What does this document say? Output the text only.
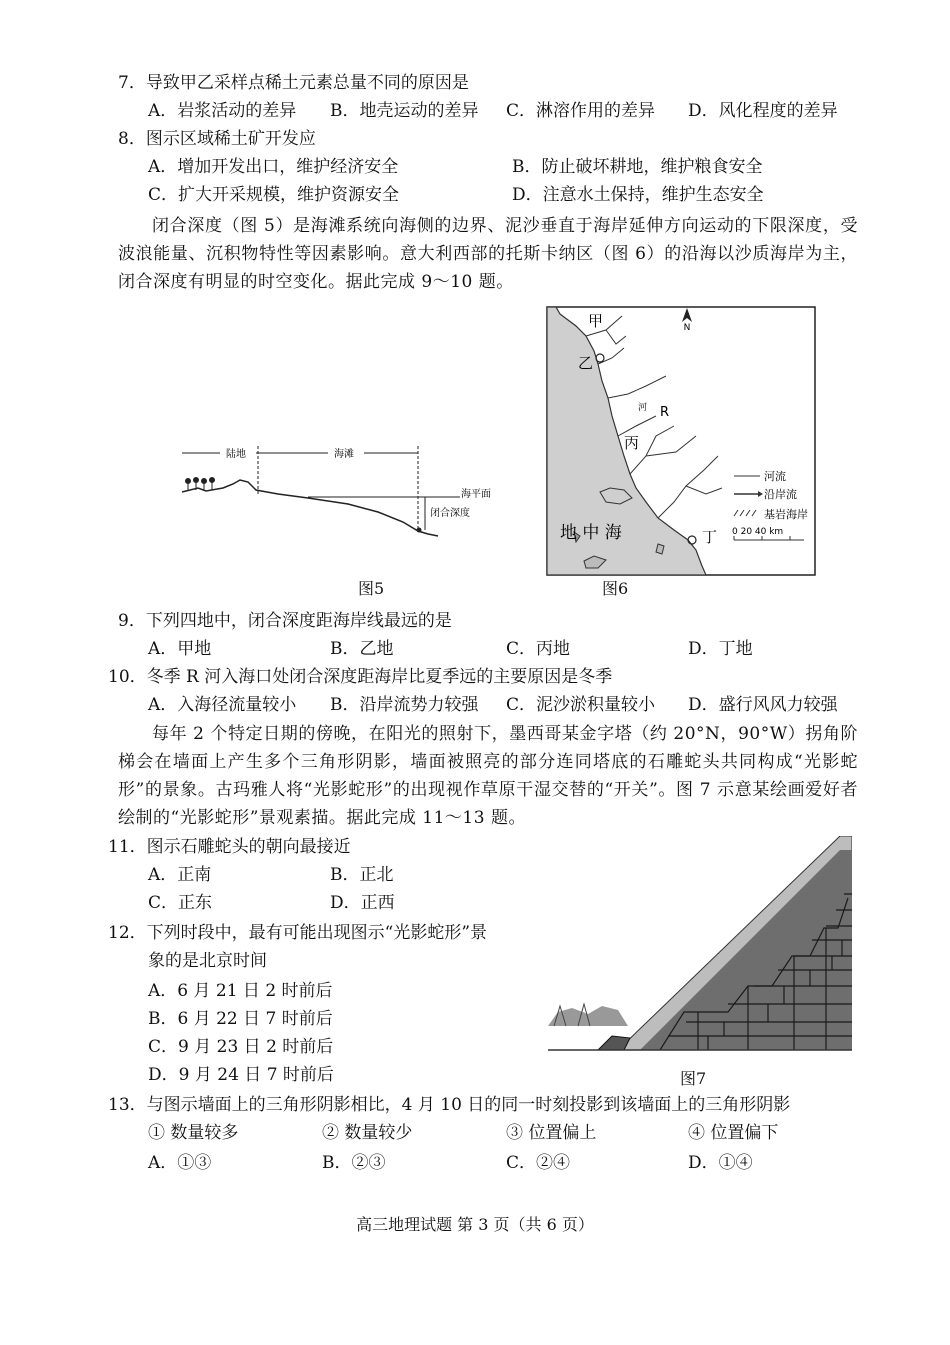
7．导致甲乙采样点稀土元素总量不同的原因是
A．岩浆活动的差异 B．地壳运动的差异 C．淋溶作用的差异 D．风化程度的差异
8．图示区域稀土矿开发应
A．增加开发出口，维护经济安全	B．防止破坏耕地，维护粮食安全
C．扩大开采规模，维护资源安全	D．注意水土保持，维护生态安全
闭合深度（图 5）是海滩系统向海侧的边界、泥沙垂直于海岸延伸方向运动的下限深度，受波浪能量、沉积物特性等因素影响。意大利西部的托斯卡纳区（图 6）的沿海以沙质海岸为主，闭合深度有明显的时空变化。据此完成 9～10 题。
陆地	海滩
海平面
闭合深度
图5
N
甲
乙
丙
丁
河 R
地 中 海
河流
沿岸流
基岩海岸
0 20 40 km
图6
9．下列四地中，闭合深度距海岸线最远的是
A．甲地	B．乙地	C．丙地	D．丁地
10．冬季 R 河入海口处闭合深度距海岸比夏季远的主要原因是冬季
A．入海径流量较小 B．沿岸流势力较强 C．泥沙淤积量较小 D．盛行风风力较强
每年 2 个特定日期的傍晚，在阳光的照射下，墨西哥某金字塔（约 20°N，90°W）拐角阶梯会在墙面上产生多个三角形阴影，墙面被照亮的部分连同塔底的石雕蛇头共同构成“光影蛇形”的景象。古玛雅人将“光影蛇形”的出现视作草原干湿交替的“开关”。图 7 示意某绘画爱好者绘制的“光影蛇形”景观素描。据此完成 11～13 题。
11．图示石雕蛇头的朝向最接近
A．正南	B．正北
C．正东	D．正西
12．下列时段中，最有可能出现图示“光影蛇形”景
象的是北京时间
A．6 月 21 日 2 时前后
B．6 月 22 日 7 时前后
C．9 月 23 日 2 时前后
D．9 月 24 日 7 时前后	图7
13．与图示墙面上的三角形阴影相比，4 月 10 日的同一时刻投影到该墙面上的三角形阴影
① 数量较多	② 数量较少	③ 位置偏上	④ 位置偏下
A．①③	B．②③	C．②④	D．①④
高三地理试题 第 3 页（共 6 页）
